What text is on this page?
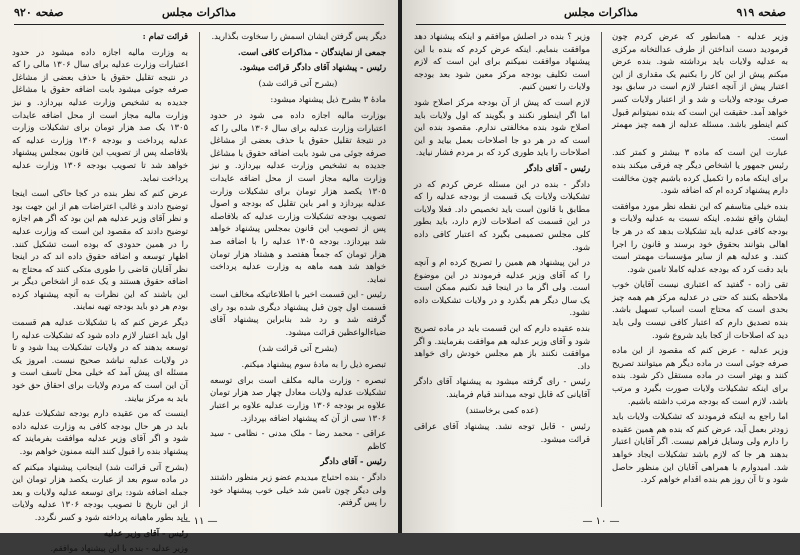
صفحه ۹۲۰	مذاکرات مجلس

دیگر پس گرفتن ایشان اسمش را سخاوت بگذارید.

جمعی از نمایندگان - مذاکرات کافی است.

رئیس - پیشنهاد آقای دادگر قرائت میشود.

(بشرح آتی قرائت شد)

مادهٔ ۳ بشرح ذیل پیشنهاد میشود:

بوزارت مالیه اجازه داده می شود در حدود اعتبارات وزارت عدلیه برای سال ۱۳۰۶ مالی را که در نتیجهٔ تقلیل حقوق یا حذف بعضی از مشاغل صرفه جوئی می شود بابت اضافه حقوق یا مشاغل جدیده به تشخیص وزارت عدلیه بپردازد. و نیز وزارت مالیه مجاز است از محل اضافه عایدات ۱۳۰۵ یکصد هزار تومان برای تشکیلات وزارت عدلیه بپردازد و امر باین تقلیل که بودجه و اصول تصویب بودجه تشکیلات وزارت عدلیه که بلافاصله پس از تصویب این قانون بمجلس پیشنهاد خواهد شد بپردازد. بودجه ۱۳۰۵ عدلیه را با اضافه صد هزار تومان که جمعاً هفتصد و هشتاد هزار تومان خواهد شد همه ماهه به وزارت عدلیه پرداخت نماید.

رئیس - این قسمت اخیر با اطلاعاتیکه مخالف است قسمت اول چون قبل پیشنهاد دیگری شده بود رای گرفته شد و رد شد بنابراین پیشنهاد آقای ضیاءالواعظین قرائت میشود.

(بشرح آتی قرائت شد)

تبصره ذیل را به مادهٔ سوم پیشنهاد میکنم.

تبصره - وزارت مالیه مکلف است برای توسعه تشکیلات عدلیه ولایات معادل چهار صد هزار تومان علاوه بر بودجه ۱۳۰۶ وزارت عدلیه علاوه بر اعتبار ۱۳۰۶ سی از آن که پیشنهاد اضافه بپردازد.

عراقی - محمد رضا - ملک مدنی - نظامی - سید کاظم

رئیس - آقای دادگر

دادگر - بنده احتیاج میدیدم عضو زیر منظور داشتند ولی دیگر چون تامین شد خیلی خوب پیشنهاد خود را پس گرفتم.

قرائت تمام :

به وزارت مالیه اجازه داده میشود در حدود اعتبارات وزارت عدلیه برای سال ۱۳۰۶ مالی را که در نتیجه تقلیل حقوق یا حذف بعضی از مشاغل صرفه جوئی میشود بابت اضافه حقوق یا مشاغل جدیده به تشخیص وزارت عدلیه بپردازد. و نیز وزارت مالیه مجاز است از محل اضافه عایدات ۱۳۰۵ یک صد هزار تومان برای تشکیلات وزارت عدلیه پرداخت و بودجه ۱۳۰۶ وزارت عدلیه که بلافاصله پس از تصویب این قانون بمجلس پیشنهاد خواهد شد تا تصویب بودجه ۱۳۰۶ وزارت عدلیه پرداخت نماید.

عرض کنم که نظر بنده در کجا حاکی است اینجا توضیح دادند و غالب اعتراضات هم از این جهت بود و نظر آقای وزیر عدلیه هم این بود که اگر هم اجازه توضیح دادند که مقصود این است که وزارت عدلیه را در همین حدودی که بوده است تشکیل کنند. اظهار توسعه و اضافه حقوق داده اند که در اینجا نظر آقایان قاضی را طوری متکی کنند که محتاج به اضافه حقوق هستند و یک عده از اشخاص دیگر بر این باشند که این نظرات به آنچه پیشنهاد کرده بودم هر دو باید بودجه تهیه نمایند.

دیگر عرض کنم که با تشکیلات عدلیه هم قسمت اول باید اعتبار لازم داده شود که تشکیلات عدلیه را توسعه بدهند که در ولایات تشکیلات پیدا شود و تا در ولایات عدلیه نباشد صحیح نیست. امروز یک مسئله ای پیش آمد که خیلی محل تاسف است و آن این است که مردم ولایات برای احقاق حق خود باید به مرکز بیایند.

اینست که من عقیده دارم بودجه تشکیلات عدلیه باید در هر حال بودجه کافی به وزارت عدلیه داده شود و اگر آقای وزیر عدلیه موافقت بفرمایند که پیشنهاد بنده را قبول کنند البته ممنون خواهم بود.

(بشرح آتی قرائت شد) اینجانب پیشنهاد میکنم که در ماده سوم بعد از عبارت یکصد هزار تومان این جمله اضافه شود: برای توسعه عدلیه ولایات و بعد از این تاریخ تا تصویب بودجه ۱۳۰۶ عدلیه ولایات باید بطور ماهیانه پرداخته شود و کسر نگردد.

رئیس - آقای وزیر عدلیه

وزیر عدلیه - بنده با این پیشنهاد موافقم.

— ۱۱ —
صفحه ۹۱۹
مذاکرات مجلس

وزیر عدلیه - همانطور که عرض کردم چون فرمودید دست انداختن از طرف عدالتخانه مرکزی به عدلیه ولایات باید برداشته شود. بنده عرض میکنم پیش از این کار را بکنیم یک مقداری از این اعتبار پیش از آنچه اعتبار لازم است در سابق بود صرف بودجه ولایات و شد و از اعتبار ولایات کسر خواهد آمد. حقیقت این است که بنده نمیتوانم قبول کنم اینطور باشد. مسئله عدلیه از همه چیز مهمتر است.

عبارت این است که ماده ۳ بیشتر و کمتر کند. رئیس جمهور یا اشخاص دیگر چه فرقی میکند بنده برای اینکه ماده را تکمیل کرده باشیم چون مخالفت دارم پیشنهاد کرده ام که اضافه شود.

بنده خیلی متاسفم که این نقطه نظر مورد موافقت ایشان واقع نشده. اینکه نسبت به عدلیه ولایات و بودجه کافی عدلیه باید تشکیلات بدهد که در هر جا اهالی بتوانند بحقوق خود برسند و قانون را اجرا کنند. و عدلیه هم از سایر مؤسسات مهمتر است باید دقت کرد که بودجه عدلیه کاملا تامین شود.

تقی زاده - گفتید که اعتباری نیست آقایان خوب ملاحظه بکنند که حتی در عدلیه مرکز هم همه چیز بحدی است که محتاج است اسباب تسهیل باشد. بنده تصدیق دارم که اعتبار کافی نیست ولی باید دید که اصلاحات از کجا باید شروع شود.

وزیر عدلیه - عرض کنم که مقصود از این ماده صرفه جوئی است در ماده دیگر هم میتوانند تصریح کنند و بهتر است در ماده مستقل ذکر شود. بنده برای اینکه تشکیلات ولایات صورت بگیرد و مرتب باشد، لازم است که بودجه مرتب داشته باشیم.

اما راجع به اینکه فرمودند که تشکیلات ولایات باید زودتر بعمل آید، عرض کنم که بنده هم همین عقیده را دارم ولی وسایل فراهم نیست. اگر آقایان اعتبار بدهند هر جا که لازم باشد تشکیلات ایجاد خواهد شد. امیدوارم با همراهی آقایان این منظور حاصل شود و تا آن روز هم بنده اقدام خواهم کرد.

وزیر ؟ بنده در اصلش موافقم و اینکه پیشنهاد دهد موافقت بنمایم. اینکه عرض کردم که بنده با این پیشنهاد موافقت نمیکنم برای این است که لازم است تکلیف بودجه مرکز معین شود بعد بودجه ولایات را تعیین کنیم.

لازم است که پیش از آن بودجه مرکز اصلاح شود اما اگر اینطور نکنند و بگویند که اول ولایات باید اصلاح شود بنده مخالفتی ندارم. مقصود بنده این است که در هر دو جا اصلاحات بعمل بیاید و این اصلاحات را باید طوری کرد که بر مردم فشار نیاید.

رئیس - آقای دادگر

دادگر - بنده در این مسئله عرض کردم که در تشکیلات ولایات یک قسمت از بودجه عدلیه را که مطابق با قانون است باید تخصیص داد. فعلا ولایات در این قسمت که اصلاحات لازم دارد، باید بطور کلی مجلس تصمیمی بگیرد که اعتبار کافی داده شود.

در این پیشنهاد هم همین را تصریح کرده ام و آنچه را که آقای وزیر عدلیه فرمودند در این موضوع است. ولی اگر ما در اینجا قید نکنیم ممکن است یک سال دیگر هم بگذرد و در ولایات تشکیلات داده نشود.

بنده عقیده دارم که این قسمت باید در ماده تصریح شود و آقای وزیر عدلیه هم موافقت بفرمایند. و اگر موافقت نکنند باز هم مجلس خودش رای خواهد داد.

رئیس - رای گرفته میشود به پیشنهاد آقای دادگر آقایانی که قابل توجه میدانند قیام فرمایند.

(عده کمی برخاستند)

رئیس - قابل توجه نشد. پیشنهاد آقای عراقی قرائت میشود.

— ۱۰ —
